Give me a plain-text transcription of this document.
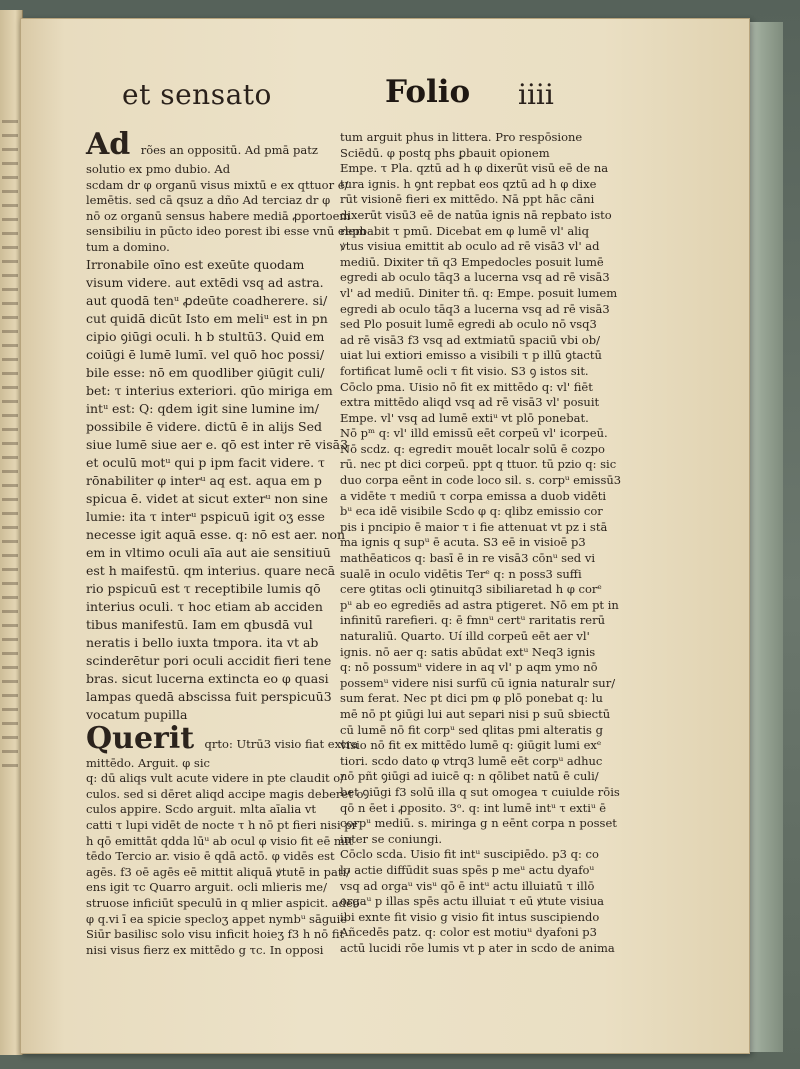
et sensato	Folio iiii
Ad rões an oppositū. Ad pmā patz
solutio ex pmo dubio. Ad
scdam dr φ organū visus mixtū e ex qttuor e/
lemētis. sed cā qsuz a dño Ad terciaz dr φ
nō oz organū sensus habere mediā ꝓportoem
sensibiliu in pūcto ideo porest ibi esse vnū elem
tum a domino.
Irronabile oīno est exeūte quodam
visum videre. aut extēdi vsq ad astra.
aut quodā tenᵘ ꝓdeūte coadherere. si/
cut quidā dicūt Isto em meliᵘ est in pn
cipio ꝯiūgi oculi. h b stultū3. Quid em
coiūgi ē lumē lumī. vel quō hoc possi/
bile esse: nō em quodliber ꝯiūgit culi/
bet: τ interius exteriori. qūo miriga em
intᵘ est: Q: qdem igit sine lumine im/
possibile ē videre. dictū ē in alijs Sed
siue lumē siue aer e. qō est inter rē visā3
et oculū motᵘ qui p ipm facit videre. τ
rōnabiliter φ interᵘ aq est. aqua em p
spicua ē. videt at sicut exterᵘ non sine
lumie: ita τ interᵘ pspicuū igit oʒ esse
necesse igit aquā esse. q: nō est aer. non
em in vltimo oculi aīa aut aie sensitiuū
est h maifestū. qm interius. quare necā
rio pspicuū est τ receptibile lumis qō
interius oculi. τ hoc etiam ab acciden
tibus manifestū. Iam em qbusdā vul
neratis i bello iuxta tmpora. ita vt ab
scinderētur pori oculi accidit fieri tene
bras. sicut lucerna extincta eo φ quasi
lampas quedā abscissa fuit perspicuū3
vocatum pupilla
Querit qrto: Utrū3 visio fiat extra
mittēdo. Arguit. φ sic
q: dū aliqs vult acute videre in pte claudit o/
culos. sed si dēret aliqd accipe magis deberet o
culos appire. Scdo arguit. mlta aīalia vt
catti τ lupi vidēt de nocte τ h nō pt fieri nisi pr
h qō emittāt qdda lūᵘ ab ocul φ visio fit eē mit
tēdo Tercio ar. visio ē qdā actō. φ vidēs est
agēs. f3 oē agēs eē mittit aliquā ꝟtutē in pati/
ens igit τc Quarro arguit. ocli mlieris me/
struose inficiūt speculū in q mlier aspicit. adeo
φ q.vi ī ea spicie specloʒ appet nymbᵘ sāguie
Siūr basilisc solo visu inficit hoieʒ f3 h nō fit
nisi visus fierz ex mittēdo g τc. In opposi
tum arguit phus in littera. Pro respōsione
Sciēdū. φ postq phs ꝑbauit opionem
Empe. τ Pla. qztū ad h φ dixerūt visū eē de na
tura ignis. h ꝯnt repbat eos qztū ad h φ dixe
rūt visionē fieri ex mittēdo. Nā ppt hāc cāni
dixerūt visū3 eē de natūa ignis nā repbato isto
repbabit τ pmū. Dicebat em φ lumē vl' aliq
ꝟtus visiua emittit ab oculo ad rē visā3 vl' ad
mediū. Dixiter tñ q3 Empedocles posuit lumē
egredi ab oculo tāq3 a lucerna vsq ad rē visā3
vl' ad mediū. Diniter tñ. q: Empe. posuit lumem
egredi ab oculo tāq3 a lucerna vsq ad rē visā3
sed Plo posuit lumē egredi ab oculo nō vsq3
ad rē visā3 f3 vsq ad extmiatū spaciū vbi ob/
uiat lui extiori emisso a visibili τ p illū ꝯtactū
fortificat lumē ocli τ fit visio. S3 ꝯ istos sit.
Cōclo pma. Uisio nō fit ex mittēdo q: vl' fiēt
extra mittēdo aliqd vsq ad rē visā3 vl' posuit
Empe. vl' vsq ad lumē extiᵘ vt plō ponebat.
Nō pᵐ q: vl' illd emissū eēt corpeū vl' icorpeū.
Nō scdz. q: egrediτ mouēt localr solū ē cozpo
rū. nec pt dici corpeū. ppt q ttuor. tū pzio q: sic
duo corpa eēnt in code loco sil. s. corpᵘ emissū3
a vidēte τ mediū τ corpa emissa a duob vidēti
bᵘ eca idē visibile Scdo φ q: qlibz emissio cor
pis i pncipio ē maior τ i fie attenuat vt pz i stā
ma ignis q supᵘ ē acuta. S3 eē in visioē p3
mathēaticos q: basī ē in re visā3 cōnᵘ sed vi
sualē in oculo vidētis Terᵉ q: n poss3 suffi
cere ꝯtitas ocli ꝯtinuitq3 sibiliaretad h φ corᵉ
pᵘ ab eo egrediēs ad astra ptigeret. Nō em pt in
infinitū rarefieri. q: ē fmnᵘ certᵘ raritatis rerū
naturaliū. Quarto. Uí illd corpeū eēt aer vl'
ignis. nō aer q: satis abūdat extᵘ Neq3 ignis
q: nō possumᵘ videre in aq vl' p aqm ymo nō
possemᵘ videre nisi surfū cū ignia naturalr sur/
sum ferat. Nec pt dici pm φ plō ponebat q: lu
mē nō pt ꝯiūgi lui aut separi nisi p suū sbiectū
cū lumē nō fit corpᵘ sed qlitas pmi alteratis g
visio nō fit ex mittēdo lumē q: ꝯiūgit lumi exᵉ
tiori. scdo dato φ vtrq3 lumē eēt corpᵘ adhuc
nō pñt ꝯiūgi ad iuicē q: n qōlibet natū ē culi/
bet ꝯiūgi f3 solū illa q sut omogea τ cuiulde rōis
qō n ēet i ꝓposito. 3ᵒ. q: int lumē intᵘ τ extiᵘ ē
corpᵘ mediū. s. miringa g n eēnt corpa n posset
inter se coniungi.
Cōclo scda. Uisio fit intᵘ suscipiēdo. p3 q: co
lo actie diffūdit suas spēs p meᵘ actu dyafoᵘ
vsq ad orgaᵘ visᵘ qō ē intᵘ actu illuiatū τ illō
orgaᵘ p illas spēs actu illuiat τ eū ꝟtute visiua
ibi exnte fit visio g visio fit intus suscipiendo
Añcedēs patz. q: color est motiuᵘ dyafoni p3
actū lucidi rōe lumis vt p ater in scdo de anima
